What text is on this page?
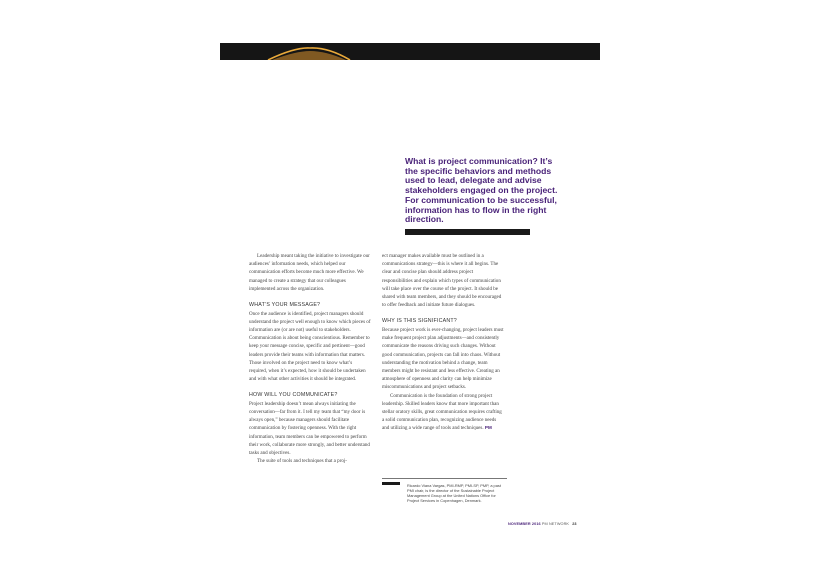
What is project communication? It’s the specific behaviors and methods used to lead, delegate and advise stakeholders engaged on the project. For communication to be successful, information has to flow in the right direction.

Leadership meant taking the initiative to investigate our audiences’ information needs, which helped our communication efforts become much more effective. We managed to create a strategy that our colleagues implemented across the organization.

WHAT’S YOUR MESSAGE?

Once the audience is identified, project managers should understand the project well enough to know which pieces of information are (or are not) useful to stakeholders. Communication is about being conscientious. Remember to keep your message concise, specific and pertinent—good leaders provide their teams with information that matters. Those involved on the project need to know what’s required, when it’s expected, how it should be undertaken and with what other activities it should be integrated.

HOW WILL YOU COMMUNICATE?

Project leadership doesn’t mean always initiating the conversation—far from it. I tell my team that “my door is always open,” because managers should facilitate communication by fostering openness. With the right information, team members can be empowered to perform their work, collaborate more strongly, and better understand tasks and objectives.

The suite of tools and techniques that a proj-

ect manager makes available must be outlined in a communications strategy—this is where it all begins. The clear and concise plan should address project responsibilities and explain which types of communication will take place over the course of the project. It should be shared with team members, and they should be encouraged to offer feedback and initiate future dialogues.

WHY IS THIS SIGNIFICANT?

Because project work is ever-changing, project leaders must make frequent project plan adjustments—and consistently communicate the reasons driving such changes. Without good communication, projects can fall into chaos. Without understanding the motivation behind a change, team members might be resistant and less effective. Creating an atmosphere of openness and clarity can help minimize miscommunications and project setbacks.

Communication is the foundation of strong project leadership. Skilled leaders know that more important than stellar oratory skills, great communication requires crafting a solid communication plan, recognizing audience needs and utilizing a wide range of tools and techniques. PM

Ricardo Viana Vargas, PMI-RMP, PMI-SP, PMP, a past PMI chair, is the director of the Sustainable Project Management Group at the United Nations Office for Project Services in Copenhagen, Denmark.
NOVEMBER 2016 PM NETWORK 23
